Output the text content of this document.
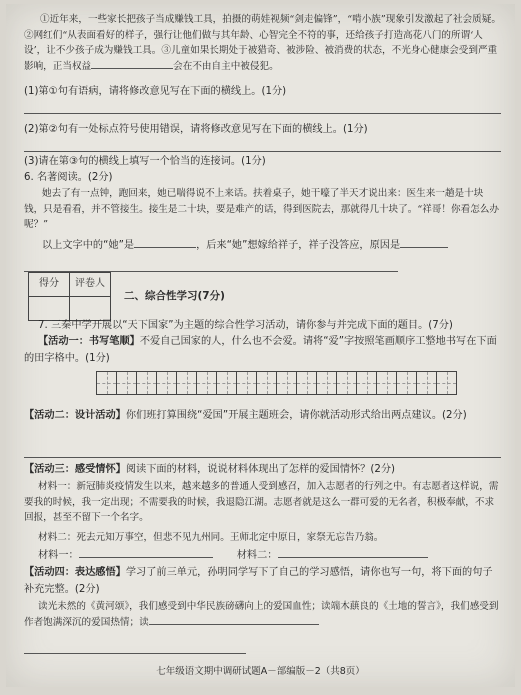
①近年来，一些家长把孩子当成赚钱工具，拍摄的萌娃视频“剑走偏锋”，“啃小族”现象引发激起了社会质疑。②网红们“从表面看好的样子，强行让他们做与其年龄、心智完全不符的事，还给孩子打造高花八门的所谓‘人设’，让不少孩子成为赚钱工具。③儿童如果长期处于被猎奇、被涉险、被消费的状态，不光身心健康会受到严重影响，正当权益	会在不由自主中被侵犯。
(1)第①句有语病，请将修改意见写在下面的横线上。(1分)
(2)第②句有一处标点符号使用错误，请将修改意见写在下面的横线上。(1分)
(3)请在第③句的横线上填写一个恰当的连接词。(1分)
6. 名著阅读。(2分)
她去了有一点钟，跑回来，她已喘得说不上来话。扶着桌子，她干嚎了半天才说出来：医生来一趟是十块钱，只是看看，并不管接生。接生是二十块，要是难产的话，得到医院去，那就得几十块了。“祥哥！你看怎么办呢？”
以上文字中的“她”是	，后来“她”想嫁给祥子，祥子没答应，原因是
得分	评卷人

二、综合性学习(7分)
7. 三秦中学开展以“天下国家”为主题的综合性学习活动，请你参与并完成下面的题目。(7分)
【活动一：书写笔顺】不爱自己国家的人，什么也不会爱。请将“爱”字按照笔画顺序工整地书写在下面的田字格中。(1分)
【活动二：设计活动】你们班打算围绕“爱国”开展主题班会，请你就活动形式给出两点建议。(2分)
【活动三：感受情怀】阅读下面的材料，说说材料体现出了怎样的爱国情怀？(2分)
材料一：新冠肺炎疫情发生以来，越来越多的普通人受到感召，加入志愿者的行列之中。有志愿者这样说，需要我的时候，我一定出现；不需要我的时候，我退隐江湖。志愿者就是这么一群可爱的无名者，积极奉献，不求回报，甚至不留下一个名字。
材料二：死去元知万事空，但悲不见九州同。王师北定中原日，家祭无忘告乃翁。
材料一：	材料二：
【活动四：表达感悟】学习了前三单元，孙明同学写下了自己的学习感悟，请你也写一句，将下面的句子补充完整。(2分)
读光未然的《黄河颂》，我们感受到中华民族磅礴向上的爱国血性；读端木蕻良的《土地的誓言》，我们感受到作者饱满深沉的爱国热情；读
七年级语文期中调研试题A－部编版－2（共8页）
